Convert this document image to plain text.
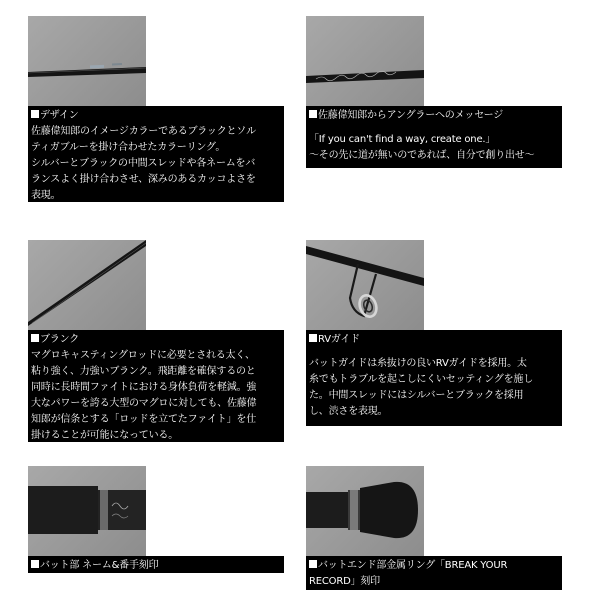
デザイン
佐藤偉知郎のイメージカラーであるブラックとソル
ティガブルーを掛け合わせたカラーリング。
シルバーとブラックの中間スレッドや各ネームをバ
ランスよく掛け合わさせ、深みのあるカッコよさを
表現。
佐藤偉知郎からアングラーへのメッセージ
「If you can't find a way, create one.」
〜その先に道が無いのであれば、自分で創り出せ〜
ブランク
マグロキャスティングロッドに必要とされる太く、
粘り強く、力強いブランク。飛距離を確保するのと
同時に長時間ファイトにおける身体負荷を軽減。強
大なパワーを誇る大型のマグロに対しても、佐藤偉
知郎が信条とする「ロッドを立てたファイト」を仕
掛けることが可能になっている。
RVガイド
バットガイドは糸抜けの良いRVガイドを採用。太
糸でもトラブルを起こしにくいセッティングを施し
た。中間スレッドにはシルバーとブラックを採用
し、渋さを表現。
バット部 ネーム&番手刻印	バットエンド部金属リング「BREAK YOUR
RECORD」刻印
